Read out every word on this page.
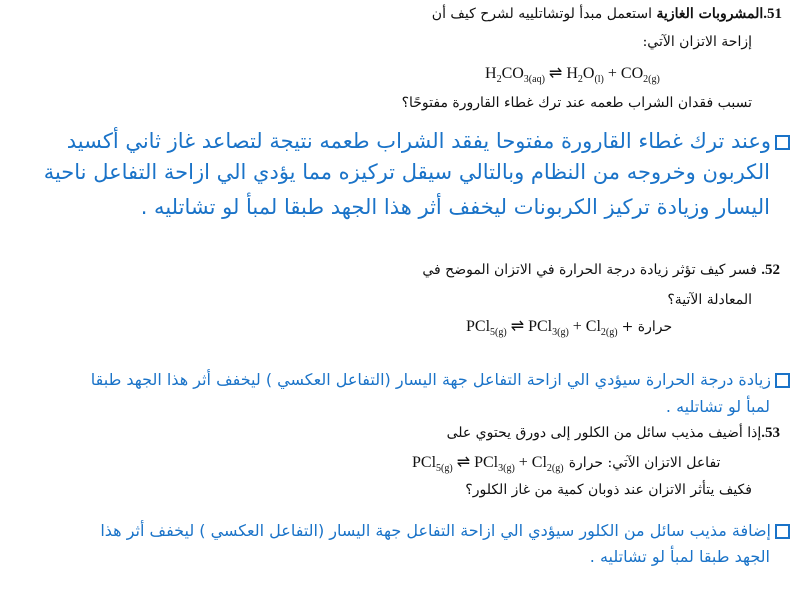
51.المشروبات الغازية استعمل مبدأ لوتشاتلييه لشرح كيف أن
إزاحة الاتزان الآتي:
$H_2CO_{3(aq)}$ ⇌ $H_2O_{(l)} + CO_{2(g)}$
تسبب فقدان الشراب طعمه عند ترك غطاء القارورة مفتوحًا؟
وعند ترك غطاء القارورة مفتوحا يفقد الشراب طعمه نتيجة لتصاعد غاز ثاني أكسيد
الكربون وخروجه من النظام وبالتالي سيقل تركيزه مما يؤدي الي ازاحة التفاعل ناحية
اليسار وزيادة تركيز الكربونات ليخفف أثر هذا الجهد طبقا لمبأ لو تشاتليه .
52. فسر كيف تؤثر زيادة درجة الحرارة في الاتزان الموضح في
المعادلة الآتية؟
PCl$_{5(g)}$ ⇌ $PCl_{3(g)} + Cl_{2(g)}$ حرارة +
زيادة درجة الحرارة سيؤدي الي ازاحة التفاعل جهة اليسار (التفاعل العكسي ) ليخفف أثر هذا الجهد طبقا
لمبأ لو تشاتليه .
53.إذا أضيف مذيب سائل من الكلور إلى دورق يحتوي على
PCl$_{5(g)}$ ⇌ $PCl_{3(g)} + Cl_{2(g)}$ تفاعل الاتزان الآتي: حرارة
فكيف يتأثر الاتزان عند ذوبان كمية من غاز الكلور؟
إضافة مذيب سائل من الكلور سيؤدي الي ازاحة التفاعل جهة اليسار (التفاعل العكسي ) ليخفف أثر هذا
الجهد طبقا لمبأ لو تشاتليه .
